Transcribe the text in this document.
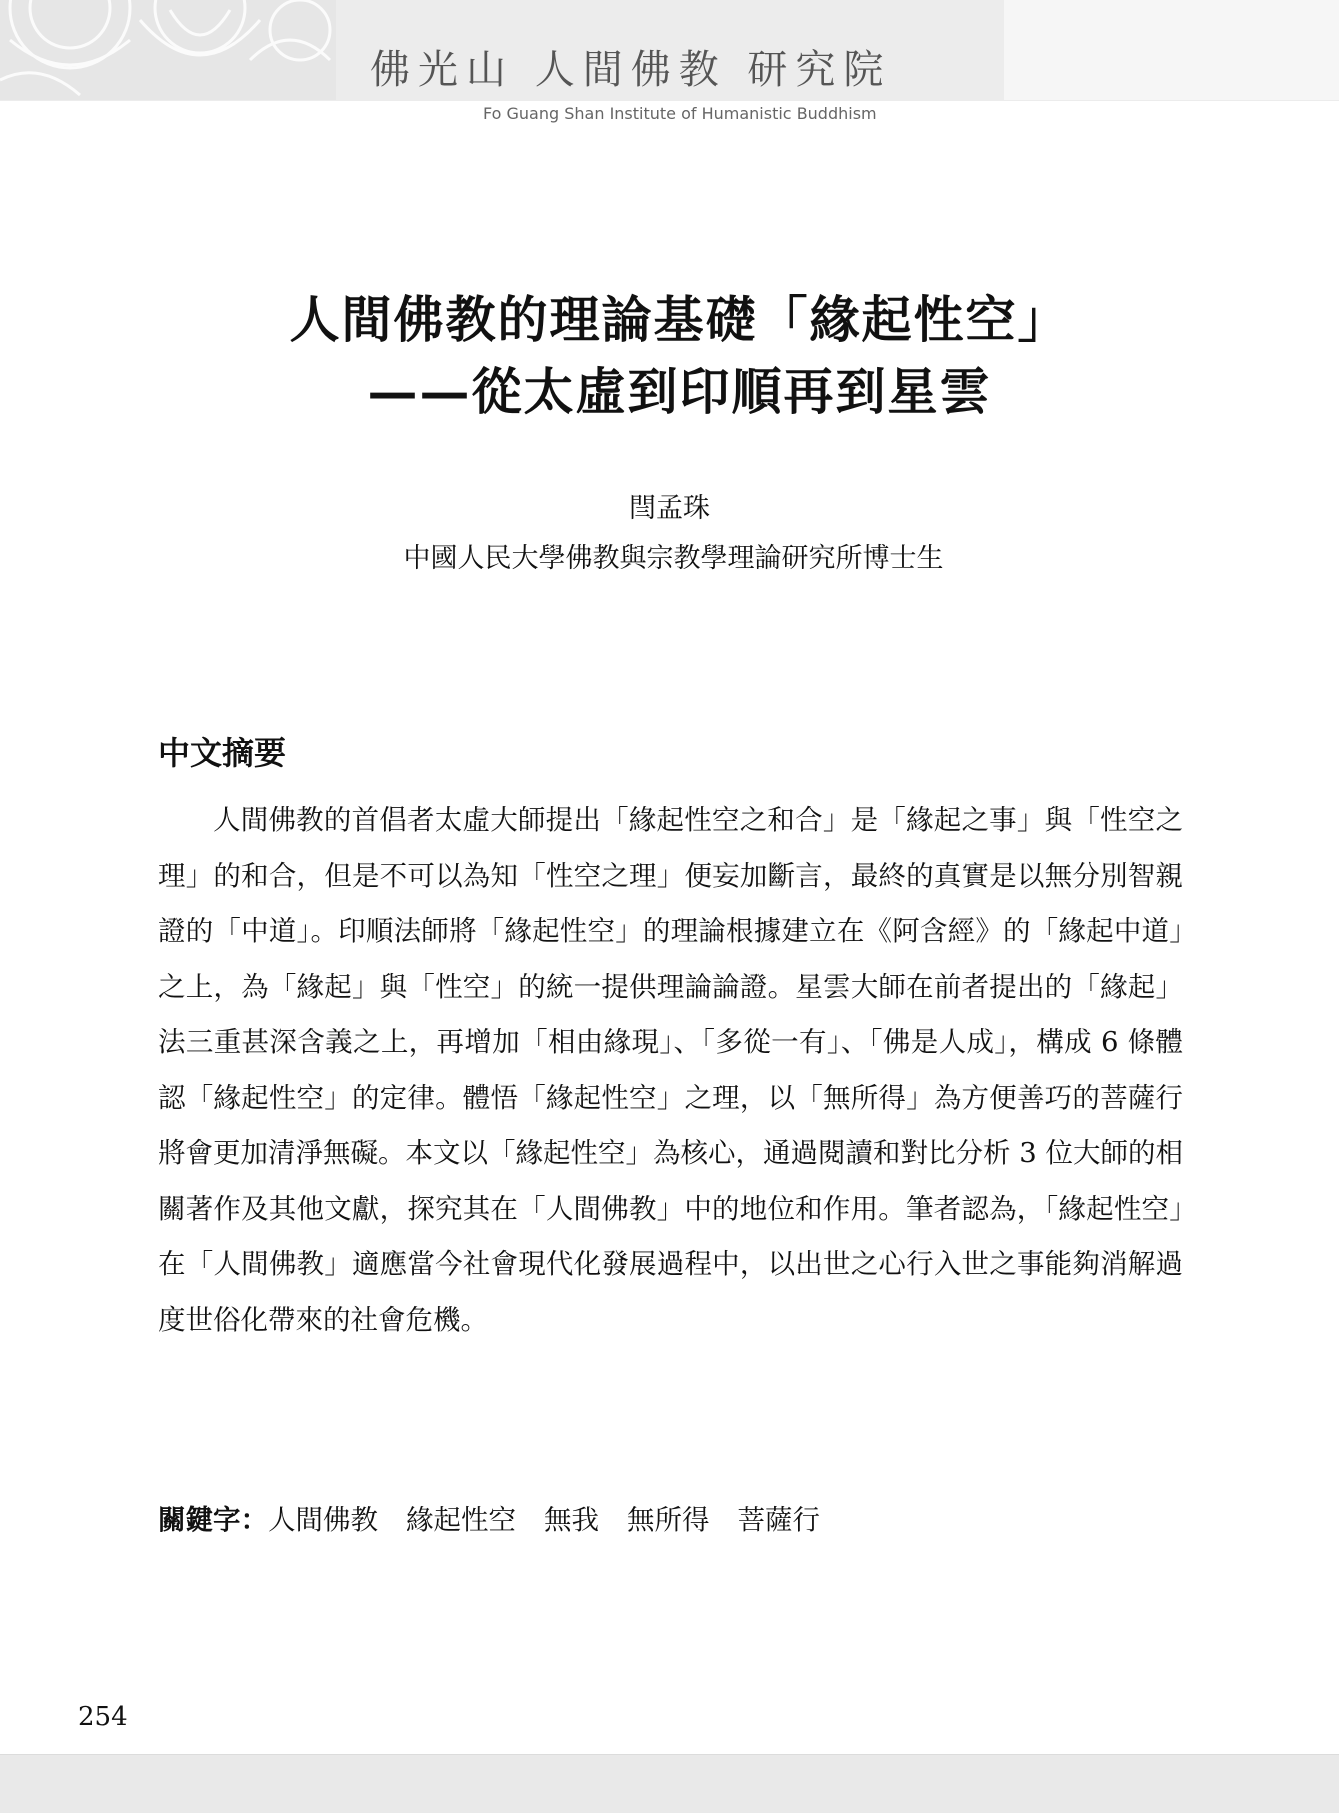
佛光山 人間佛教 研究院
Fo Guang Shan Institute of Humanistic Buddhism
人間佛教的理論基礎「緣起性空」
——從太虛到印順再到星雲
閆孟珠
中國人民大學佛教與宗教學理論研究所博士生
中文摘要

人間佛教的首倡者太虛大師提出「緣起性空之和合」是「緣起之事」與「性空之理」的和合，但是不可以為知「性空之理」便妄加斷言，最終的真實是以無分別智親證的「中道」。印順法師將「緣起性空」的理論根據建立在《阿含經》的「緣起中道」之上，為「緣起」與「性空」的統一提供理論論證。星雲大師在前者提出的「緣起」法三重甚深含義之上，再增加「相由緣現」、「多從一有」、「佛是人成」，構成 6 條體認「緣起性空」的定律。體悟「緣起性空」之理，以「無所得」為方便善巧的菩薩行將會更加清淨無礙。本文以「緣起性空」為核心，通過閱讀和對比分析 3 位大師的相關著作及其他文獻，探究其在「人間佛教」中的地位和作用。筆者認為，「緣起性空」在「人間佛教」適應當今社會現代化發展過程中，以出世之心行入世之事能夠消解過度世俗化帶來的社會危機。

關鍵字：人間佛教 緣起性空 無我 無所得 菩薩行
254
